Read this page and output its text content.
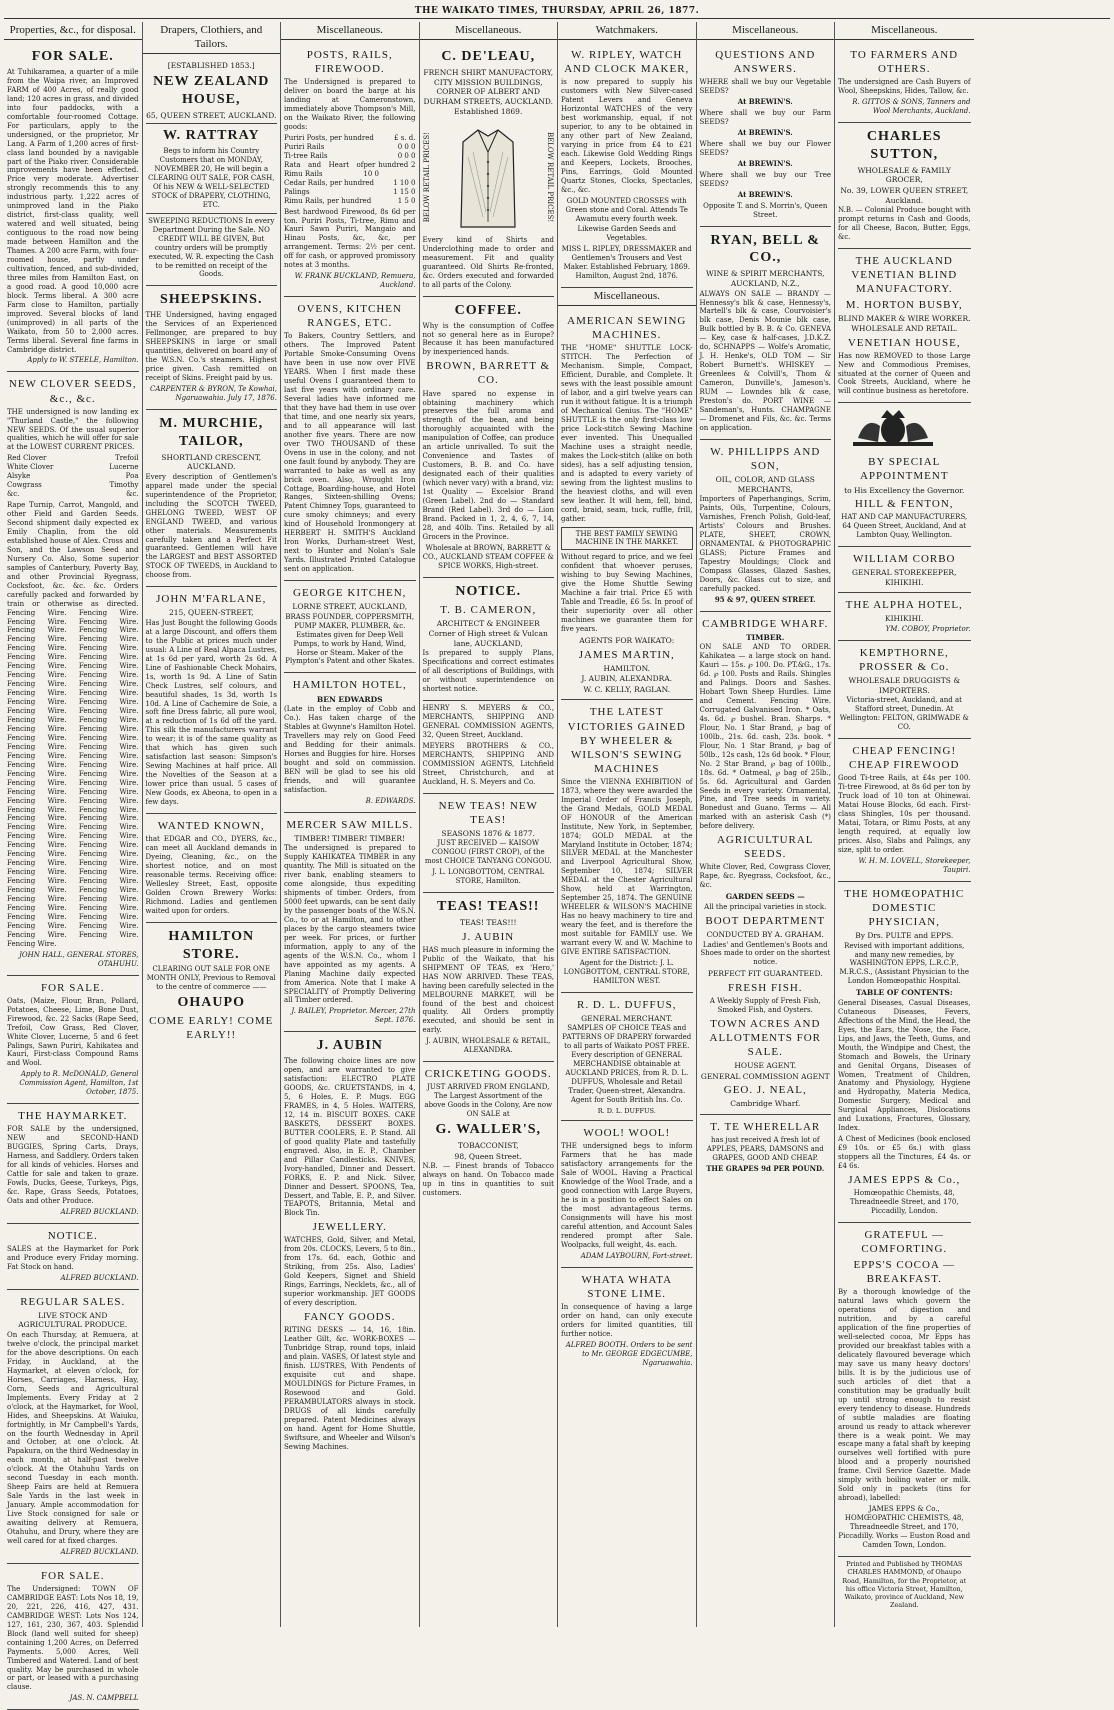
THE WAIKATO TIMES, THURSDAY, APRIL 26, 1877.
Properties, &c., for disposal.
FOR SALE.

At Tuhikaramea, a quarter of a mile from the Waipa river, an Improved FARM of 400 Acres, of really good land; 120 acres in grass, and divided into four paddocks, with a comfortable four-roomed Cottage. For particulars, apply to the undersigned, or the proprietor, Mr Lang. A Farm of 1,200 acres of first-class land bounded by a navigable part of the Piako river. Considerable improvements have been effected. Price very moderate. Advertiser strongly recommends this to any industrious party. 1,222 acres of unimproved land in the Piako district, first-class quality, well watered and well situated, being contiguous to the road now being made between Hamilton and the Thames. A 200 acre Farm, with four-roomed house, partly under cultivation, fenced, and sub-divided, three miles from Hamilton East, on a good road. A good 10,000 acre block. Terms liberal. A 300 acre Farm close to Hamilton, partially improved. Several blocks of land (unimproved) in all parts of the Waikato, from 50 to 2,000 acres. Terms liberal. Several fine farms in Cambridge district.

Apply to W. STEELE, Hamilton.

NEW CLOVER SEEDS, &c., &c.

THE undersigned is now landing ex "Thurland Castle," the following NEW SEEDS. Of the usual superior qualities, which he will offer for sale at the LOWEST CURRENT PRICES.

Red Clover	Trefoil
White Clover	Lucerne
Alsyke	Poa
Cowgrass	Timothy
&c.	&c.

Rape Turnip, Carrot, Mangold, and other Field and Garden Seeds. Second shipment daily expected ex Emily Chaplin, from the old established house of Alex. Cross and Son, and the Lawson Seed and Nursery Co. Also, Some superior samples of Canterbury, Poverty Bay, and other Provincial Ryegrass, Cocksfoot, &c. &c. &c. Orders carefully packed and forwarded by train or otherwise as directed. Fencing Wire. Fencing Wire. Fencing Wire. Fencing Wire. Fencing Wire. Fencing Wire. Fencing Wire. Fencing Wire. Fencing Wire. Fencing Wire. Fencing Wire. Fencing Wire. Fencing Wire. Fencing Wire. Fencing Wire. Fencing Wire. Fencing Wire. Fencing Wire. Fencing Wire. Fencing Wire. Fencing Wire. Fencing Wire. Fencing Wire. Fencing Wire. Fencing Wire. Fencing Wire. Fencing Wire. Fencing Wire. Fencing Wire. Fencing Wire. Fencing Wire. Fencing Wire. Fencing Wire. Fencing Wire. Fencing Wire. Fencing Wire. Fencing Wire. Fencing Wire. Fencing Wire. Fencing Wire. Fencing Wire. Fencing Wire. Fencing Wire. Fencing Wire. Fencing Wire. Fencing Wire. Fencing Wire. Fencing Wire. Fencing Wire. Fencing Wire. Fencing Wire. Fencing Wire. Fencing Wire. Fencing Wire. Fencing Wire. Fencing Wire. Fencing Wire. Fencing Wire. Fencing Wire. Fencing Wire. Fencing Wire. Fencing Wire. Fencing Wire. Fencing Wire. Fencing Wire. Fencing Wire. Fencing Wire. Fencing Wire. Fencing Wire. Fencing Wire. Fencing Wire. Fencing Wire. Fencing Wire. Fencing Wire. Fencing Wire.

JOHN HALL, GENERAL STORES, OTAHUHU.

FOR SALE.

Oats, (Maize, Flour, Bran, Pollard, Potatoes, Cheese, Lime, Bone Dust, Firewood, &c. 22 Sacks (Rape Seed, Trefoil, Cow Grass, Red Clover, White Clover, Lucerne, 5 and 6 feet Palings, Sawn Puriri, Kahikatea and Kauri, First-class Compound Rams and Wool.

Apply to R. McDONALD, General Commission Agent, Hamilton, 1st October, 1875.

THE HAYMARKET.

FOR SALE by the undersigned, NEW and SECOND-HAND BUGGIES, Spring Carts, Drays, Harness, and Saddlery. Orders taken for all kinds of vehicles. Horses and Cattle for sale and taken to graze. Fowls, Ducks, Geese, Turkeys, Pigs, &c. Rape, Grass Seeds, Potatoes, Oats and other Produce.

ALFRED BUCKLAND.

NOTICE.

SALES at the Haymarket for Pork and Produce every Friday morning. Fat Stock on hand.

ALFRED BUCKLAND.

REGULAR SALES.
LIVE STOCK AND AGRICULTURAL PRODUCE.

On each Thursday, at Remuera, at twelve o'clock, the principal market for the above descriptions. On each Friday, in Auckland, at the Haymarket, at eleven o'clock, for Horses, Carriages, Harness, Hay, Corn, Seeds and Agricultural Implements. Every Friday at 2 o'clock, at the Haymarket, for Wool, Hides, and Sheepskins. At Waiuku, fortnightly, in Mr Campbell's Yards, on the fourth Wednesday in April and October, at one o'clock. At Papakura, on the third Wednesday in each month, at half-past twelve o'clock. At the Otahuhu Yards on second Tuesday in each month. Sheep Fairs are held at Remuera Sale Yards in the last week in January. Ample accommodation for Live Stock consigned for sale or awaiting delivery at Remuera, Otahuhu, and Drury, where they are well cared for at fixed charges.

ALFRED BUCKLAND.

FOR SALE.

The Undersigned: TOWN OF CAMBRIDGE EAST: Lots Nos 18, 19, 20, 221, 226, 416, 427, 431. CAMBRIDGE WEST: Lots Nos 124, 127, 161, 230, 367, 403. Splendid Block (land well suited for sheep) containing 1,200 Acres, on Deferred Payments. 5,000 Acres, Well Timbered and Watered. Land of best quality. May be purchased in whole or part, or leased with a purchasing clause.

JAS. N. CAMPBELL

Drapers, Clothiers, and Tailors.
[ESTABLISHED 1853.]
NEW ZEALAND HOUSE,
65, QUEEN STREET, AUCKLAND.
W. RATTRAY

Begs to inform his Country Customers that on MONDAY, NOVEMBER 20, He will begin a CLEARING OUT SALE, FOR CASH, Of his NEW & WELL-SELECTED STOCK of DRAPERY, CLOTHING, ETC.

SWEEPING REDUCTIONS In every Department During the Sale. NO CREDIT WILL BE GIVEN, But country orders will be promptly executed, W. R. expecting the Cash to be remitted on receipt of the Goods.

SHEEPSKINS.

THE Undersigned, having engaged the Services of an Experienced Fellmonger, are prepared to buy SHEEPSKINS in large or small quantities, delivered on board any of the W.S.N. Co.'s steamers. Highest price given. Cash remitted on receipt of Skins. Freight paid by us.

CARPENTER & BYRON, Te Kowhai, Ngaruawahia. July 17, 1876.

M. MURCHIE, TAILOR,
SHORTLAND CRESCENT, AUCKLAND.

Every description of Gentlemen's apparel made under the special superintendence of the Proprietor, including the SCOTCH TWEED, GHELONG TWEED, WEST OF ENGLAND TWEED, and various other materials. Measurements carefully taken and a Perfect Fit guaranteed. Gentlemen will have the LARGEST and BEST ASSORTED STOCK OF TWEEDS, in Auckland to choose from.

JOHN M'FARLANE,
215, QUEEN-STREET,

Has Just Bought the following Goods at a large Discount, and offers them to the Public at prices much under usual: A Line of Real Alpaca Lustres, at 1s 6d per yard, worth 2s 6d. A Line of Fashionable Check Mohairs, 1s, worth 1s 9d. A Line of Satin Check Lustres, self colours, and beautiful shades, 1s 3d, worth 1s 10d. A Line of Cachemire de Soie, a soft fine Dress fabric, all pure wool, at a reduction of 1s 6d off the yard. This silk the manufacturers warrant to wear; it is of the same quality as that which has given such satisfaction last season: Simpson's Sewing Machines at half price. All the Novelties of the Season at a lower price than usual. 5 cases of New Goods, ex Abeona, to open in a few days.

WANTED KNOWN,

that EDGAR and CO., DYERS, &c., can meet all Auckland demands in Dyeing, Cleaning, &c., on the shortest notice, and on most reasonable terms. Receiving office: Wellesley Street, East, opposite Golden Crown Brewery Works: Richmond. Ladies and gentlemen waited upon for orders.

HAMILTON STORE.

CLEARING OUT SALE FOR ONE MONTH ONLY, Previous to Removal to the centre of commerce ——

OHAUPO
COME EARLY! COME EARLY!!
Miscellaneous.
POSTS, RAILS, FIREWOOD.

The Undersigned is prepared to deliver on board the barge at his landing at Cameronstown, immediately above Thompson's Mill, on the Waikato River, the following goods:

Puriri Posts, per hundred	£ s. d.
Puriri Rails	0 0 0
Ti-tree Rails	0 0 0
Rata and Heart of Rimu Rails
per hundred 2 10 0
Cedar Rails, per hundred	1 10 0
Palings	1 15 0
Rimu Rails, per hundred	1 5 0

Best hardwood Firewood, 8s 6d per ton. Puriri Posts, Ti-tree, Rimu and Kauri Sawn Puriri, Mangaio and Hinau Posts, &c, &c, per arrangement. Terms: 2½ per cent. off for cash, or approved promissory notes at 3 months.

W. FRANK BUCKLAND, Remuera, Auckland.

OVENS, KITCHEN RANGES, ETC.

To Bakers, Country Settlers, and others. The Improved Patent Portable Smoke-Consuming Ovens have been in use now over FIVE YEARS. When I first made these useful Ovens I guaranteed them to last five years with ordinary care. Several ladies have informed me that they have had them in use over that time, and one nearly six years, and to all appearance will last another five years. There are now over TWO THOUSAND of these Ovens in use in the colony, and not one fault found by anybody. They are warranted to bake as well as any brick oven. Also, Wrought Iron Cottage, Boarding-house, and Hotel Ranges, Sixteen-shilling Ovens; Patent Chimney Tops, guaranteed to cure smoky chimneys; and every kind of Household Ironmongery at HERBERT H. SMITH'S Auckland Iron Works, Durham-street West, next to Hunter and Nolan's Sale Yards. Illustrated Printed Catalogue sent on application.

GEORGE KITCHEN,
LORNE STREET, AUCKLAND,

BRASS FOUNDER, COPPERSMITH, PUMP MAKER, PLUMBER, &c. Estimates given for Deep Well Pumps, to work by Hand, Wind, Horse or Steam. Maker of the Plympton's Patent and other Skates.

HAMILTON HOTEL,
BEN EDWARDS

(Late in the employ of Cobb and Co.). Has taken charge of the Stables at Gwynne's Hamilton Hotel. Travellers may rely on Good Feed and Bedding for their animals. Horses and Buggies for hire. Horses bought and sold on commission. BEN will be glad to see his old friends, and will guarantee satisfaction.

B. EDWARDS.

MERCER SAW MILLS.
TIMBER! TIMBER! TIMBER!

The undersigned is prepared to Supply KAHIKATEA TIMBER in any quantity. The Mill is situated on the river bank, enabling steamers to come alongside, thus expediting shipments of timber. Orders, from 5000 feet upwards, can be sent daily by the passenger boats of the W.S.N. Co., to or at Hamilton, and to other places by the cargo steamers twice per week. For prices, or further information, apply to any of the agents of the W.S.N. Co., whom I have appointed as my agents. A Planing Machine daily expected from America. Note that I make A SPECIALITY of Promptly Delivering all Timber ordered.

J. BAILEY, Proprietor. Mercer, 27th Sept. 1876.

J. AUBIN

The following choice lines are now open, and are warranted to give satisfaction: ELECTRO PLATE GOODS, &c. CRUETSTANDS, in 4, 5, 6 Holes, E. P. Mugs. EGG FRAMES, in 4, 5 Holes. WAITERS, 12, 14 in. BISCUIT BOXES. CAKE BASKETS, DESSERT BOXES. BUTTER COOLERS, E. P. Stand. All of good quality Plate and tastefully engraved. Also, in E. P., Chamber and Pillar Candlesticks. KNIVES, Ivory-handled, Dinner and Dessert. FORKS, E. P. and Nick. Silver, Dinner and Dessert. SPOONS, Tea, Dessert, and Table, E. P., and Silver. TEAPOTS, Britannia, Metal and Block Tin.

JEWELLERY.

WATCHES, Gold, Silver, and Metal, from 20s. CLOCKS, Levers, 5 to 8in., from 17s. 6d. each, Gothic and Striking, from 25s. Also, Ladies' Gold Keepers, Signet and Shield Rings, Earrings, Necklets, &c., all of superior workmanship. JET GOODS of every description.

FANCY GOODS.

RITING DESKS — 14, 16, 18in. Leather Gilt, &c. WORK-BOXES — Tunbridge Strap, round tops, inlaid and plain. VASES, Of latest style and finish. LUSTRES, With Pendents of exquisite cut and shape. MOULDINGS for Picture Frames, in Rosewood and Gold. PERAMBULATORS always in stock. DRUGS of all kinds carefully prepared. Patent Medicines always on hand. Agent for Home Shuttle, Swiftsure, and Wheeler and Wilson's Sewing Machines.

Miscellaneous.
C. DE'LEAU,
FRENCH SHIRT MANUFACTORY, CITY MISSION BUILDINGS, CORNER OF ALBERT AND DURHAM STREETS, AUCKLAND.
Established 1869.
BELOW RETAIL PRICES!	BELOW RETAIL PRICES!

Every kind of Shirts and Underclothing made to order and measurement. Fit and quality guaranteed. Old Shirts Re-fronted, &c. Orders executed and forwarded to all parts of the Colony.

COFFEE.

Why is the consumption of Coffee not so general here as in Europe? Because it has been manufactured by inexperienced hands.

BROWN, BARRETT & CO.

Have spared no expense in obtaining machinery which preserves the full aroma and strength of the bean, and being thoroughly acquainted with the manipulation of Coffee, can produce an article unrivalled. To suit the Convenience and Tastes of Customers, B. B. and Co. have designated each of their qualities (which never vary) with a brand, viz: 1st Quality — Excelsior Brand (Green Label). 2nd do — Standard Brand (Red Label). 3rd do — Lion Brand. Packed in 1, 2, 4, 6, 7, 14, 28, and 40lb. Tins. Retailed by all Grocers in the Province.

Wholesale at BROWN, BARRETT & CO., AUCKLAND STEAM COFFEE & SPICE WORKS, High-street.

NOTICE.
T. B. CAMERON,
ARCHITECT & ENGINEER
Corner of High street & Vulcan lane, AUCKLAND,

Is prepared to supply Plans, Specifications and correct estimates of all descriptions of Buildings, with or without superintendence on shortest notice.

HENRY S. MEYERS & CO., MERCHANTS, SHIPPING AND GENERAL COMMISSION AGENTS, 32, Queen Street, Auckland.

MEYERS BROTHERS & CO., MERCHANTS, SHIPPING AND COMMISSION AGENTS, Litchfield Street, Christchurch, and at Auckland, H. S. Meyers and Co.

NEW TEAS! NEW TEAS!
SEASONS 1876 & 1877.

JUST RECEIVED — KAISOW CONGOU (FIRST CROP), of the most CHOICE TANYANG CONGOU.

J. L. LONGBOTTOM, CENTRAL STORE, Hamilton.

TEAS! TEAS!!
TEAS! TEAS!!!
J. AUBIN

HAS much pleasure in informing the Public of the Waikato, that his SHIPMENT OF TEAS, ex 'Hero,' HAS NOW ARRIVED. These TEAS, having been carefully selected in the MELBOURNE MARKET, will be found of the best and choicest quality. All Orders promptly executed, and should be sent in early.

J. AUBIN, WHOLESALE & RETAIL, ALEXANDRA.

CRICKETING GOODS.

JUST ARRIVED FROM ENGLAND, The Largest Assortment of the above Goods in the Colony, Are now ON SALE at

G. WALLER'S,
TOBACCONIST,
98, Queen Street.

N.B. — Finest brands of Tobacco always on hand. On Tobacco made up in tins in quantities to suit customers.

Watchmakers.
W. RIPLEY, WATCH AND CLOCK MAKER,

is now prepared to supply his customers with New Silver-cased Patent Levers and Geneva Horizontal WATCHES of the very best workmanship, equal, if not superior, to any to be obtained in any other part of New Zealand, varying in price from £4 to £21 each. Likewise Gold Wedding Rings and Keepers, Lockets, Brooches, Pins, Earrings, Gold Mounted Quartz Stones, Clocks, Spectacles, &c., &c.

GOLD MOUNTED CROSSES with Green stone and Coral. Attends Te Awamutu every fourth week.

Likewise Garden Seeds and Vegetables.

MISS L. RIPLEY, DRESSMAKER and Gentlemen's Trousers and Vest Maker. Established February, 1869. Hamilton, August 2nd, 1876.

Miscellaneous.
AMERICAN SEWING MACHINES.

THE "HOME" SHUTTLE LOCK-STITCH. The Perfection of Mechanism. Simple, Compact, Efficient, Durable, and Complete. It sews with the least possible amount of labor, and a girl twelve years can run it without fatigue. It is a triumph of Mechanical Genius. The "HOME" SHUTTLE is the only first-class low price Lock-stitch Sewing Machine ever invented. This Unequalled Machine uses a straight needle, makes the Lock-stitch (alike on both sides), has a self adjusting tension, and is adapted to every variety of sewing from the lightest muslins to the heaviest cloths, and will even sew leather. It will hem, fell, bind, cord, braid, seam, tuck, ruffle, frill, gather.

THE BEST FAMILY SEWING MACHINE IN THE MARKET.

Without regard to price, and we feel confident that whoever peruses, wishing to buy Sewing Machines, give the Home Shuttle Sewing Machine a fair trial. Price £5 with Table and Treadle, £6 5s. In proof of their superiority over all other machines we guarantee them for five years.

AGENTS FOR WAIKATO:
JAMES MARTIN,
HAMILTON.
J. AUBIN, ALEXANDRA.
W. C. KELLY, RAGLAN.
THE LATEST VICTORIES GAINED BY WHEELER & WILSON'S SEWING MACHINES

Since the VIENNA EXHIBITION of 1873, where they were awarded the Imperial Order of Francis Joseph, the Grand Medals, GOLD MEDAL OF HONOUR of the American Institute, New York, in September, 1874; GOLD MEDAL at the Maryland Institute in October, 1874; SILVER MEDAL at the Manchester and Liverpool Agricultural Show, September 10, 1874; SILVER MEDAL at the Chester Agricultural Show, held at Warrington, September 25, 1874. The GENUINE WHEELER & WILSON'S MACHINE Has no heavy machinery to tire and weary the feet, and is therefore the most suitable for FAMILY use. We warrant every W. and W. Machine to GIVE ENTIRE SATISFACTION.

Agent for the District: J. L. LONGBOTTOM, CENTRAL STORE, HAMILTON WEST.

R. D. L. DUFFUS,
GENERAL MERCHANT.

SAMPLES OF CHOICE TEAS and PATTERNS OF DRAPERY forwarded to all parts of Waikato POST FREE. Every description of GENERAL MERCHANDISE obtainable at AUCKLAND PRICES, from R. D. L. DUFFUS, Wholesale and Retail Trader, Queen-street, Alexandra. Agent for South British Ins. Co.

R. D. L. DUFFUS.
WOOL! WOOL!

THE undersigned begs to inform Farmers that he has made satisfactory arrangements for the Sale of WOOL. Having a Practical Knowledge of the Wool Trade, and a good connection with Large Buyers, he is in a position to effect Sales on the most advantageous terms. Consignments will have his most careful attention, and Account Sales rendered prompt after Sale. Woolpacks, full weight, 4s. each.

ADAM LAYBOURN, Fort-street.

WHATA WHATA STONE LIME.

In consequence of having a large order on hand, can only execute orders for limited quantities, till further notice.

ALFRED BOOTH. Orders to be sent to Mr. GEORGE EDGECUMBE, Ngaruawahia.

Miscellaneous.
QUESTIONS AND ANSWERS.

WHERE shall we buy our Vegetable SEEDS?

At BREWIN'S.

Where shall we buy our Farm SEEDS?

At BREWIN'S.

Where shall we buy our Flower SEEDS?

At BREWIN'S.

Where shall we buy our Tree SEEDS?

At BREWIN'S.

Opposite T. and S. Morrin's, Queen Street.

RYAN, BELL & CO.,
WINE & SPIRIT MERCHANTS, AUCKLAND, N.Z.,

ALWAYS ON SALE — BRANDY — Hennessy's blk & case, Hennessy's, Martell's blk & case, Courvoisier's blk case, Denis Mounie blk case, Bulk bottled by B. B. & Co. GENEVA — Key, case & half-cases, J.D.K.Z. do, SCHNAPPS — Wolfe's Aromatic, J. H. Henke's, OLD TOM — Sir Robert Burnett's. WHISKEY — Greenlees & Colvill's, Thom & Cameron, Dunville's, Jameson's. RUM — Lowndes blk & case, Preston's do. PORT WINE — Sandeman's, Hunts. CHAMPAGNE — Dromenet and Fils, &c. &c. Terms on application.

W. PHILLIPPS AND SON,
OIL, COLOR, AND GLASS MERCHANTS,

Importers of Paperhangings, Scrim, Paints, Oils, Turpentine, Colours, Varnishes, French Polish, Gold-leaf, Artists' Colours and Brushes. PLATE, SHEET, CROWN, ORNAMENTAL & PHOTOGRAPHIC GLASS; Picture Frames and Tapestry Mouldings; Clock and Compass Glasses, Glazed Sashes, Doors, &c. Glass cut to size, and carefully packed.

95 & 97, QUEEN STREET.

CAMBRIDGE WHARF.
TIMBER.

ON SALE AND TO ORDER. Kahikatea — a large stock on hand. Kauri — 15s. ℘ 100. Do. PT.&G., 17s. 6d. ℘ 100. Posts and Rails. Shingles and Palings. Doors and Sashes. Hobart Town Sheep Hurdles. Lime and Cement. Fencing Wire. Corrugated Galvanised Iron. * Oats, 4s. 6d. ℘ bushel. Bran. Sharps. * Flour, No. 1 Star Brand, ℘ bag of 100lb., 21s. 6d. cash, 23s. book. * Flour, No. 1 Star Brand, ℘ bag of 50lb., 12s cash, 12s 6d book. * Flour, No. 2 Star Brand, ℘ bag of 100lb., 18s. 6d. * Oatmeal, ℘ bag of 25lb., 5s. 6d. Agricultural and Garden Seeds in every variety. Ornamental, Pine, and Tree seeds in variety. Bonedust and Guano. Terms — All marked with an asterisk Cash (*) before delivery.

AGRICULTURAL SEEDS.

White Clover, Red, Cowgrass Clover, Rape, &c. Ryegrass, Cocksfoot, &c., &c.

GARDEN SEEDS —

All the principal varieties in stock.

BOOT DEPARTMENT
CONDUCTED BY A. GRAHAM.

Ladies' and Gentlemen's Boots and Shoes made to order on the shortest notice.

PERFECT FIT GUARANTEED.
FRESH FISH.

A Weekly Supply of Fresh Fish, Smoked Fish, and Oysters.

TOWN ACRES AND ALLOTMENTS FOR SALE.
HOUSE AGENT.
GENERAL COMMISSION AGENT
GEO. J. NEAL,
Cambridge Wharf.
T. TE WHERELLAR

has just received A fresh lot of APPLES, PEARS, DAMSONS and GRAPES, GOOD AND CHEAP.

THE GRAPES 9d PER POUND.

Miscellaneous.
TO FARMERS AND OTHERS.

The undersigned are Cash Buyers of Wool, Sheepskins, Hides, Tallow, &c.

R. GITTOS & SONS, Tanners and Wool Merchants, Auckland.

CHARLES SUTTON,
WHOLESALE & FAMILY GROCER,
No. 39, LOWER QUEEN STREET, Auckland.

N.B. — Colonial Produce bought with prompt returns in Cash and Goods, for all Cheese, Bacon, Butter, Eggs, &c.

THE AUCKLAND VENETIAN BLIND MANUFACTORY.
M. HORTON BUSBY,
BLIND MAKER & WIRE WORKER. WHOLESALE AND RETAIL.
VENETIAN HOUSE,

Has now REMOVED to those Large New and Commodious Premises, situated at the corner of Queen and Cook Streets, Auckland, where he will continue business as heretofore.

BY SPECIAL APPOINTMENT
to His Excellency the Governor.
HILL & FENTON,

HAT AND CAP MANUFACTURERS, 64 Queen Street, Auckland, And at Lambton Quay, Wellington.

WILLIAM CORBO
GENERAL STOREKEEPER, KIHIKIHI.
THE ALPHA HOTEL,
KIHIKIHI.

YM. COBOY, Proprietor.

KEMPTHORNE, PROSSER & Co.
WHOLESALE DRUGGISTS & IMPORTERS.

Victoria-street, Auckland, and at Stafford street, Dunedin. At Wellington: FELTON, GRIMWADE & CO.

CHEAP FENCING! CHEAP FIREWOOD

Good Ti-tree Rails, at £4s per 100. Ti-tree Firewood, at 8s 6d per ton by Truck load of 10 ton at Ohinewai. Matai House Blocks, 6d each. First-class Shingles, 10s per thousand. Matai, Totara, or Rimu Posts, at any length required, at equally low prices. Also, Slabs and Palings, any size, split to order.

W. H. M. LOVELL, Storekeeper, Taupiri.

THE HOMŒOPATHIC DOMESTIC PHYSICIAN,
By Drs. PULTE and EPPS.

Revised with important additions, and many new remedies, by WASHINGTON EPPS, L.R.C.P., M.R.C.S., (Assistant Physician to the London Homœopathic Hospital.

TABLE OF CONTENTS:

General Diseases, Casual Diseases, Cutaneous Diseases, Fevers, Affections of the Mind, the Head, the Eyes, the Ears, the Nose, the Face, Lips, and Jaws, the Teeth, Gums, and Mouth, the Windpipe and Chest, the Stomach and Bowels, the Urinary and Genital Organs, Diseases of Women, Treatment of Children, Anatomy and Physiology, Hygiene and Hydropathy, Materia Medica, Domestic Surgery, Medical and Surgical Appliances, Dislocations and Luxations, Fractures, Glossary, Index.

A Chest of Medicines (book enclosed £9 10s. or £5 6s.) with glass stoppers all the Tinctures, £4 4s. or £4 6s.

JAMES EPPS & Co.,

Homœopathic Chemists, 48, Threadneedle Street, and 170, Piccadilly, London.

GRATEFUL — COMFORTING.
EPPS'S COCOA — BREAKFAST.

By a thorough knowledge of the natural laws which govern the operations of digestion and nutrition, and by a careful application of the fine properties of well-selected cocoa, Mr Epps has provided our breakfast tables with a delicately flavoured beverage which may save us many heavy doctors' bills. It is by the judicious use of such articles of diet that a constitution may be gradually built up until strong enough to resist every tendency to disease. Hundreds of subtle maladies are floating around us ready to attack wherever there is a weak point. We may escape many a fatal shaft by keeping ourselves well fortified with pure blood and a properly nourished frame. Civil Service Gazette. Made simply with boiling water or milk. Sold only in packets (tins for abroad), labelled:

JAMES EPPS & Co., HOMŒOPATHIC CHEMISTS, 48, Threadneedle Street, and 170, Piccadilly. Works — Euston Road and Camden Town, London.

Printed and Published by THOMAS CHARLES HAMMOND, of Ohaupo Road, Hamilton, for the Proprietor, at his office Victoria Street, Hamilton, Waikato, province of Auckland, New Zealand.
